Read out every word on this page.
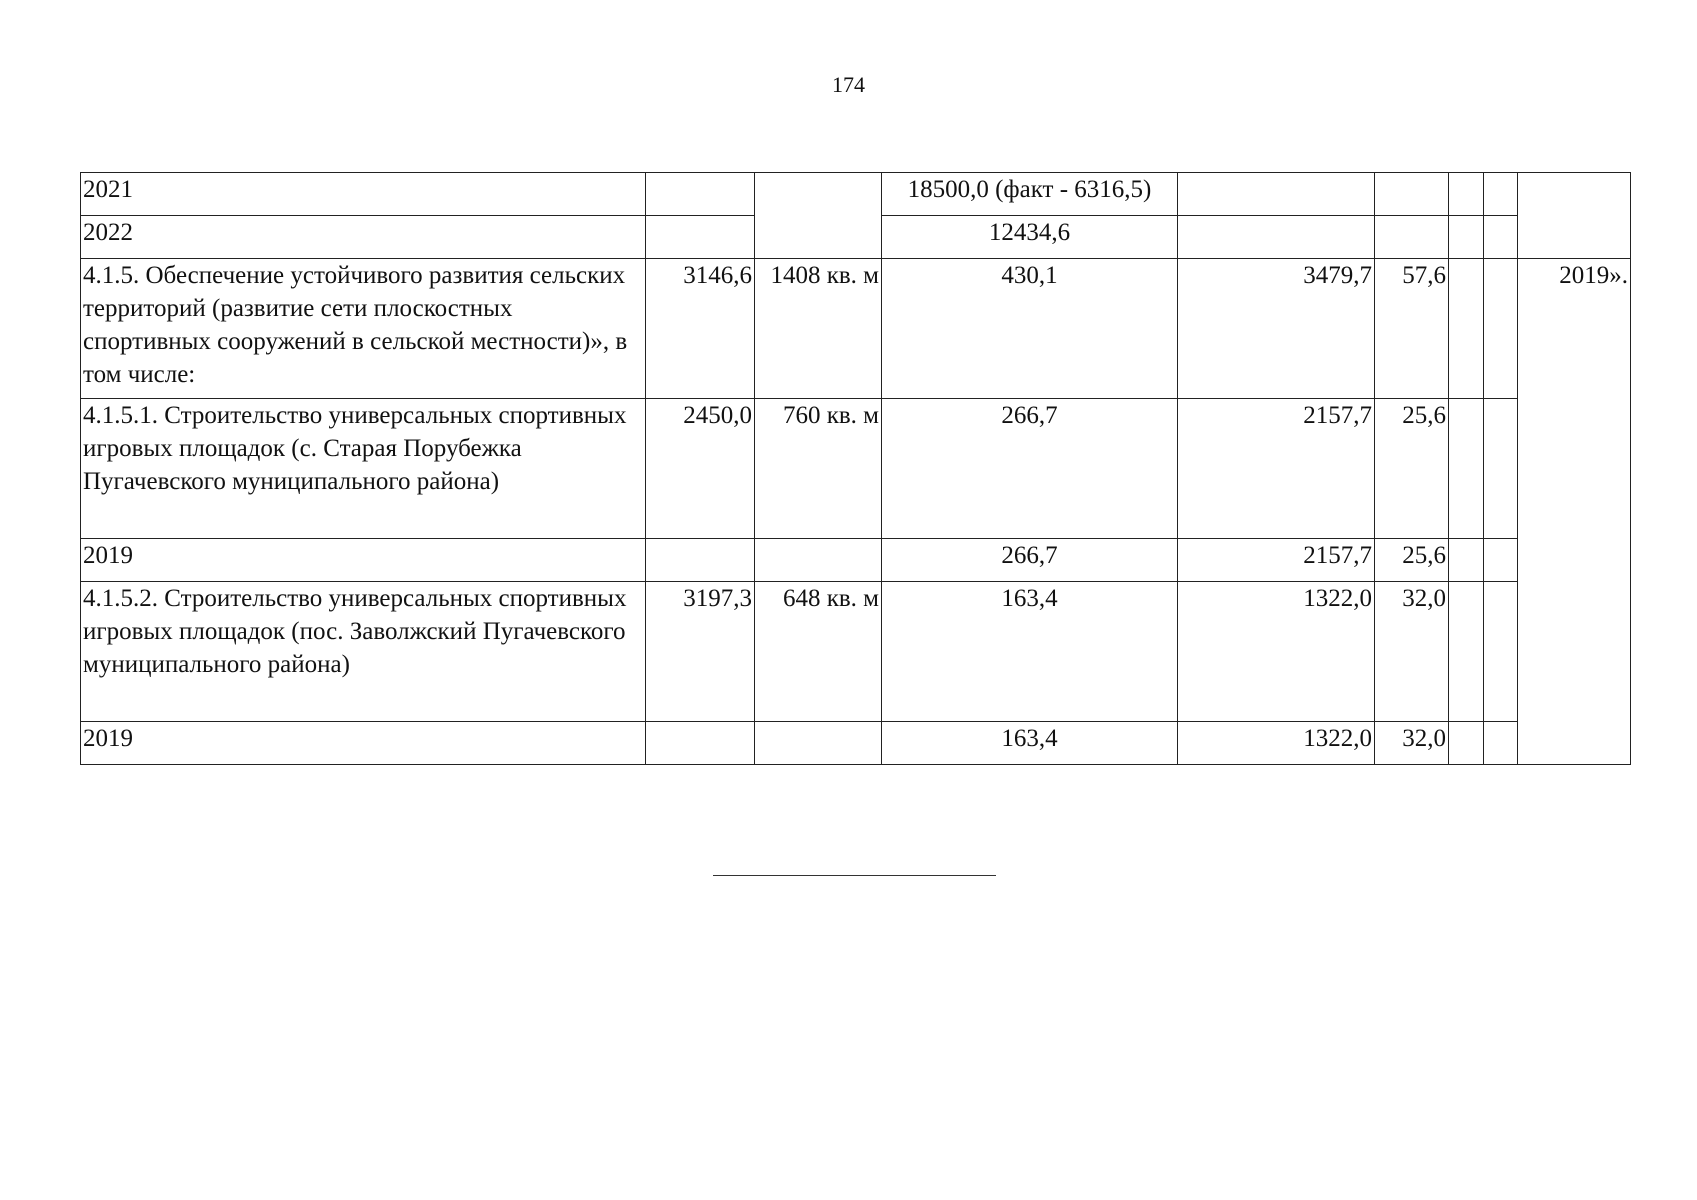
174
2021			18500,0 (факт - 6316,5)					
2022			12434,6					
4.1.5. Обеспечение устойчивого развития сельских территорий (развитие сети плоскостных спортивных сооружений в сельской местности)», в том числе:	3146,6	1408 кв. м	430,1	3479,7	57,6			2019».
4.1.5.1. Строительство универсальных спортивных игровых площадок (с. Старая Порубежка Пугачевского муниципального района)	2450,0	760 кв. м	266,7	2157,7	25,6			
2019			266,7	2157,7	25,6			
4.1.5.2. Строительство универсальных спортивных игровых площадок (пос. Заволжский Пугачевского муниципального района)	3197,3	648 кв. м	163,4	1322,0	32,0			
2019			163,4	1322,0	32,0			
